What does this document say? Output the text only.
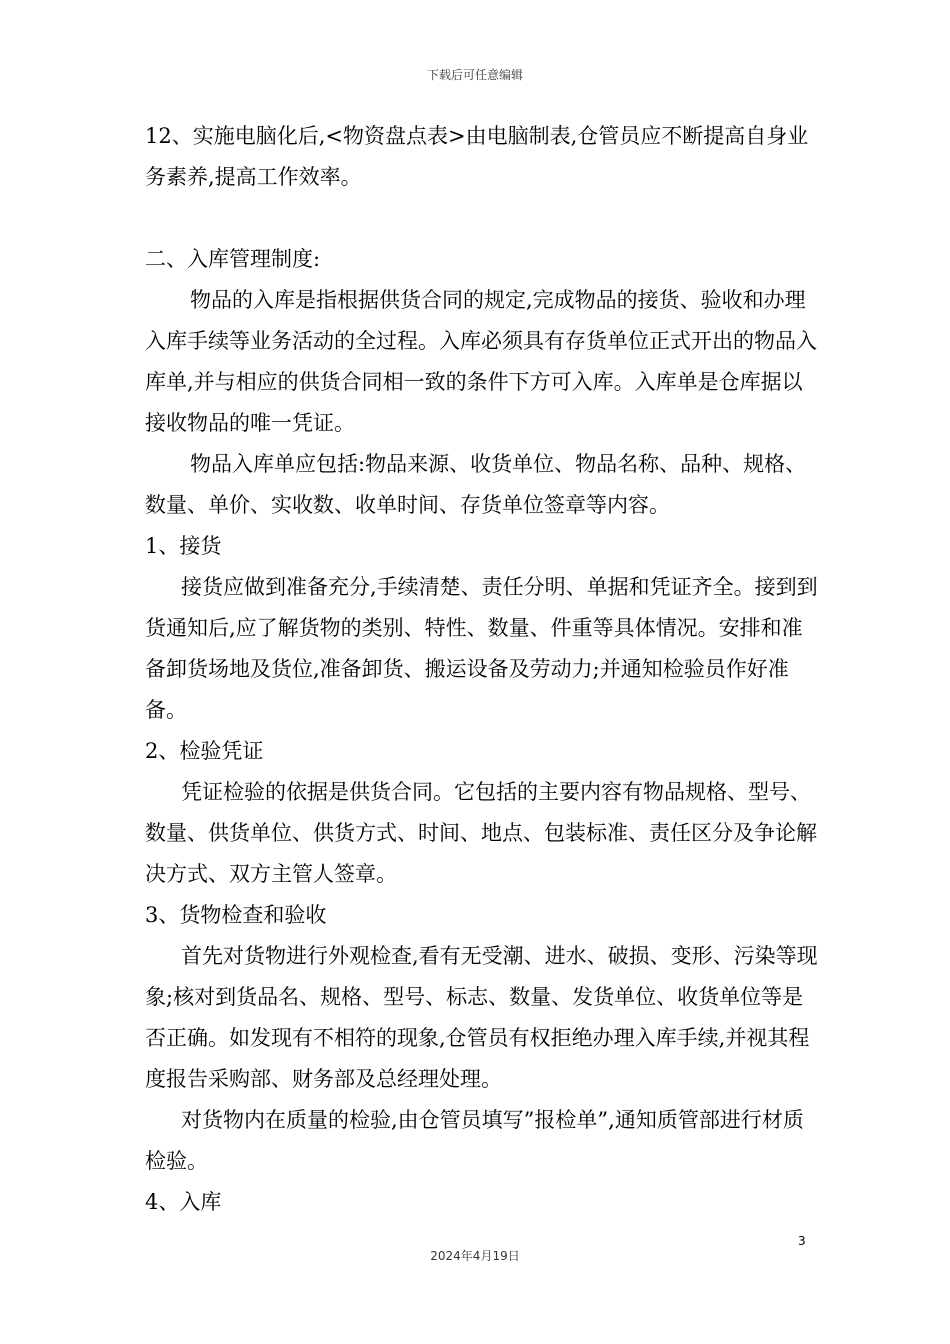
下载后可任意编辑

12、实施电脑化后,<物资盘点表>由电脑制表,仓管员应不断提高自身业务素养,提高工作效率。

二、入库管理制度:

物品的入库是指根据供货合同的规定,完成物品的接货、验收和办理入库手续等业务活动的全过程。入库必须具有存货单位正式开出的物品入库单,并与相应的供货合同相一致的条件下方可入库。入库单是仓库据以接收物品的唯一凭证。

物品入库单应包括:物品来源、收货单位、物品名称、品种、规格、数量、单价、实收数、收单时间、存货单位签章等内容。

1、接货

接货应做到准备充分,手续清楚、责任分明、单据和凭证齐全。接到到货通知后,应了解货物的类别、特性、数量、件重等具体情况。安排和准备卸货场地及货位,准备卸货、搬运设备及劳动力;并通知检验员作好准备。

2、检验凭证

凭证检验的依据是供货合同。它包括的主要内容有物品规格、型号、数量、供货单位、供货方式、时间、地点、包装标准、责任区分及争论解决方式、双方主管人签章。

3、货物检查和验收

首先对货物进行外观检查,看有无受潮、进水、破损、变形、污染等现象;核对到货品名、规格、型号、标志、数量、发货单位、收货单位等是否正确。如发现有不相符的现象,仓管员有权拒绝办理入库手续,并视其程度报告采购部、财务部及总经理处理。

对货物内在质量的检验,由仓管员填写”报检单”,通知质管部进行材质检验。

4、入库

3
2024年4月19日
